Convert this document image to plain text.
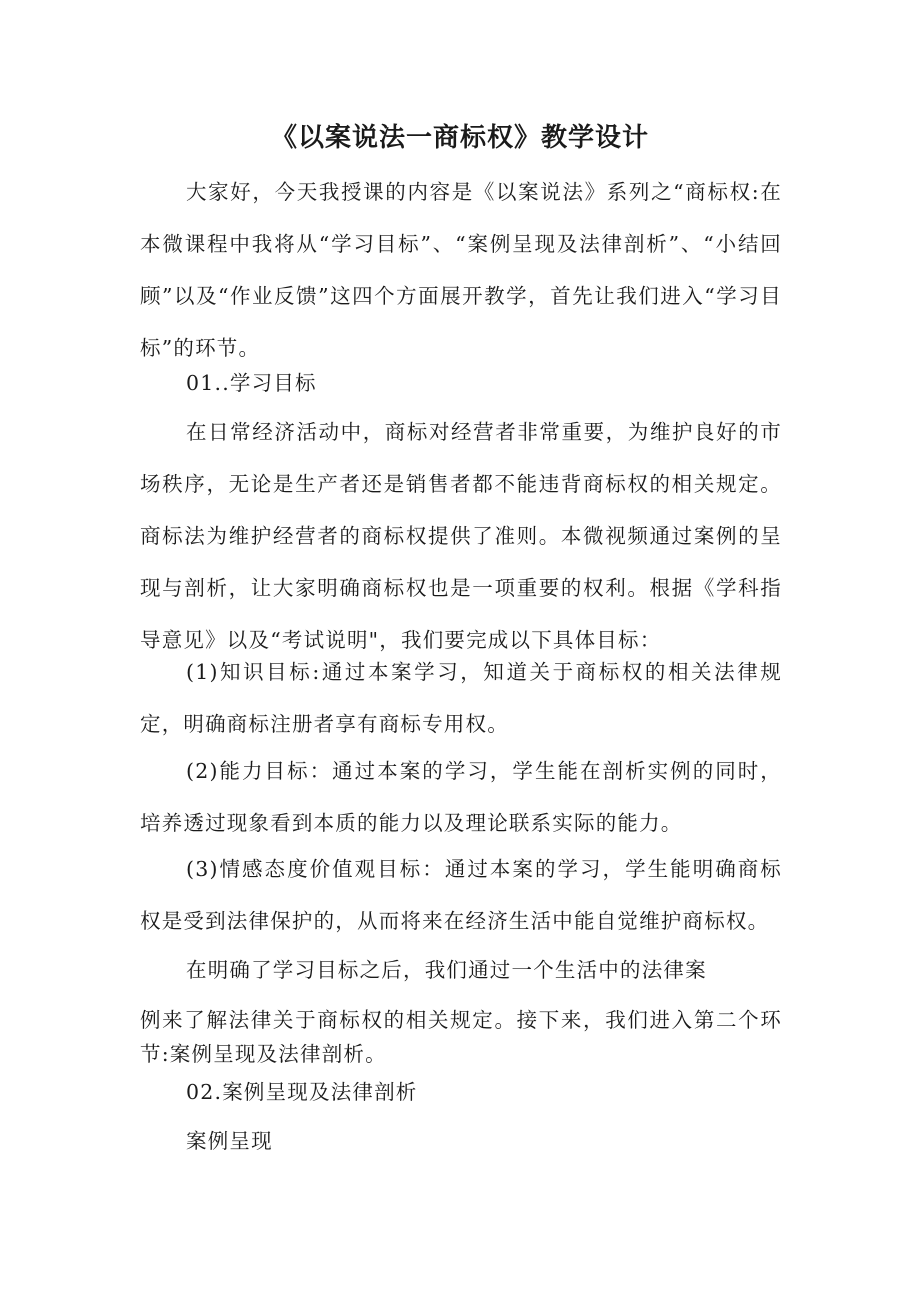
《以案说法一商标权》教学设计

大家好，今天我授课的内容是《以案说法》系列之“商标权:在本微课程中我将从“学习目标”、“案例呈现及法律剖析”、“小结回顾”以及“作业反馈”这四个方面展开教学，首先让我们进入“学习目标”的环节。

01..学习目标

在日常经济活动中，商标对经营者非常重要，为维护良好的市场秩序，无论是生产者还是销售者都不能违背商标权的相关规定。商标法为维护经营者的商标权提供了准则。本微视频通过案例的呈现与剖析，让大家明确商标权也是一项重要的权利。根据《学科指导意见》以及“考试说明"，我们要完成以下具体目标：

(1)知识目标:通过本案学习，知道关于商标权的相关法律规定，明确商标注册者享有商标专用权。

(2)能力目标：通过本案的学习，学生能在剖析实例的同时，培养透过现象看到本质的能力以及理论联系实际的能力。

(3)情感态度价值观目标：通过本案的学习，学生能明确商标权是受到法律保护的，从而将来在经济生活中能自觉维护商标权。

在明确了学习目标之后，我们通过一个生活中的法律案

例来了解法律关于商标权的相关规定。接下来，我们进入第二个环节:案例呈现及法律剖析。

02.案例呈现及法律剖析

案例呈现
